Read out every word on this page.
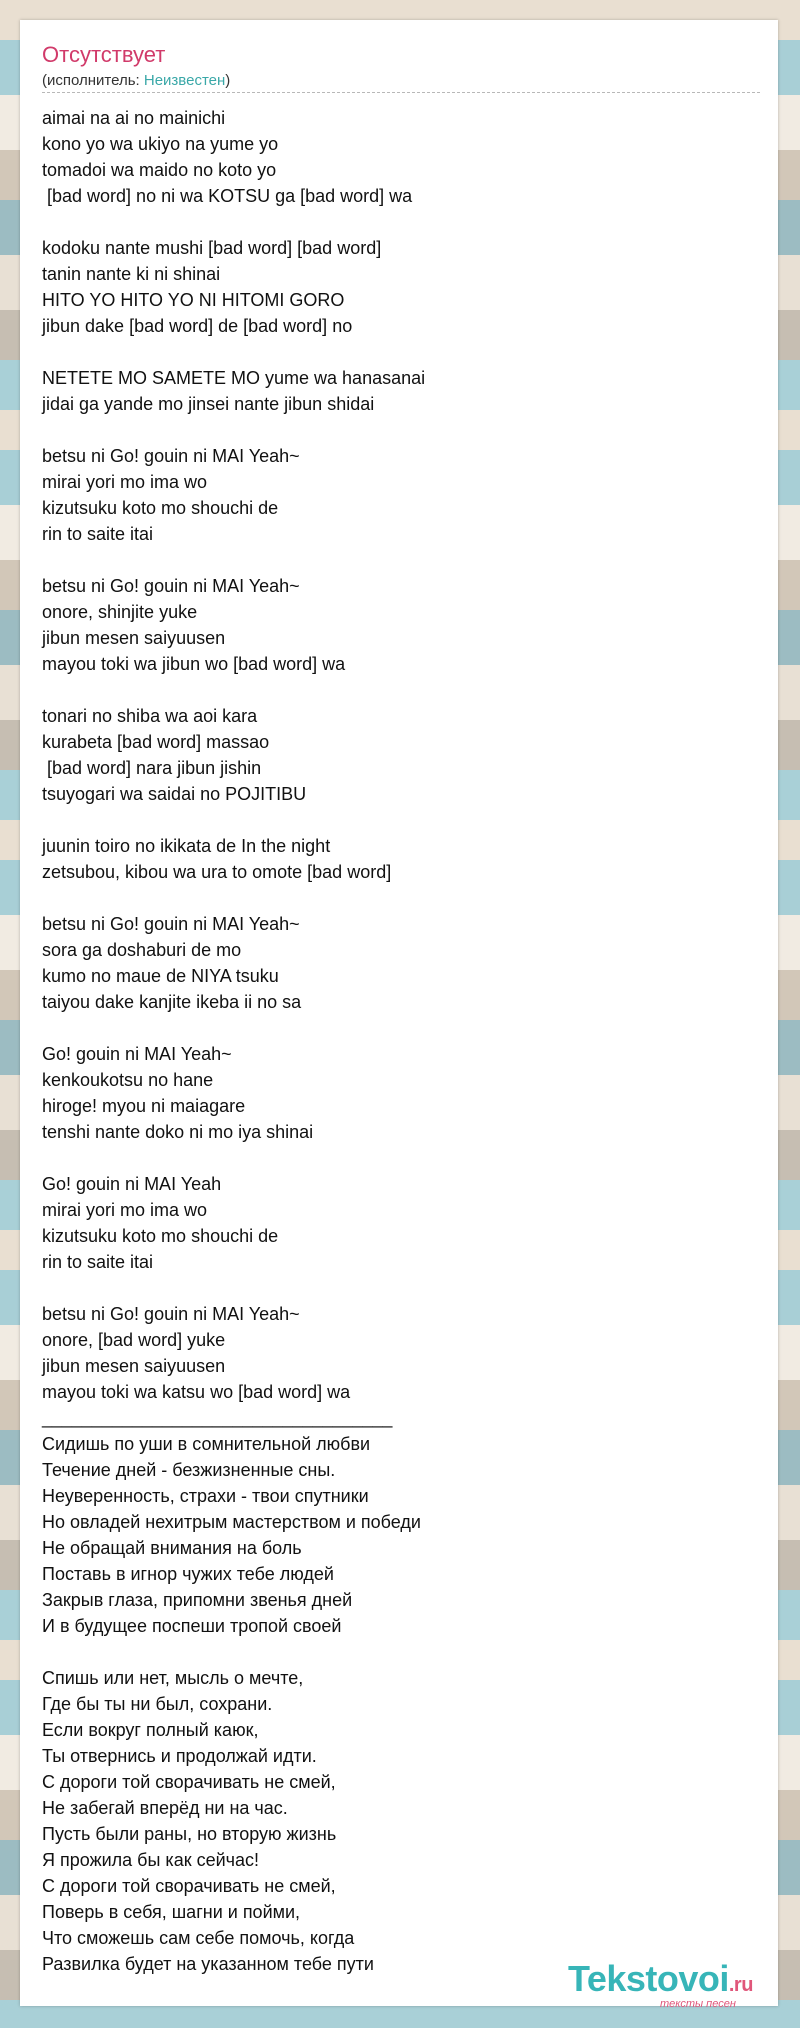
Отсутствует
(исполнитель: Неизвестен)
aimai na ai no mainichi
kono yo wa ukiyo na yume yo
tomadoi wa maido no koto yo
[bad word] no ni wa KOTSU ga [bad word] wa
kodoku nante mushi [bad word] [bad word]
tanin nante ki ni shinai
HITO YO HITO YO NI HITOMI GORO
jibun dake [bad word] de [bad word] no
NETETE MO SAMETE MO yume wa hanasanai
jidai ga yande mo jinsei nante jibun shidai
betsu ni Go! gouin ni MAI Yeah~
mirai yori mo ima wo
kizutsuku koto mo shouchi de
rin to saite itai
betsu ni Go! gouin ni MAI Yeah~
onore, shinjite yuke
jibun mesen saiyuusen
mayou toki wa jibun wo [bad word] wa
tonari no shiba wa aoi kara
kurabeta [bad word] massao
[bad word] nara jibun jishin
tsuyogari wa saidai no POJITIBU
juunin toiro no ikikata de In the night
zetsubou, kibou wa ura to omote [bad word]
betsu ni Go! gouin ni MAI Yeah~
sora ga doshaburi de mo
kumo no maue de NIYA tsuku
taiyou dake kanjite ikeba ii no sa
Go! gouin ni MAI Yeah~
kenkoukotsu no hane
hiroge! myou ni maiagare
tenshi nante doko ni mo iya shinai
Go! gouin ni MAI Yeah
mirai yori mo ima wo
kizutsuku koto mo shouchi de
rin to saite itai
betsu ni Go! gouin ni MAI Yeah~
onore, [bad word] yuke
jibun mesen saiyuusen
mayou toki wa katsu wo [bad word] wa
___________________________________
Сидишь по уши в сомнительной любви
Течение дней - безжизненные сны.
Неуверенность, страхи - твои спутники
Но овладей нехитрым мастерством и победи
Не обращай внимания на боль
Поставь в игнор чужих тебе людей
Закрыв глаза, припомни звенья дней
И в будущее поспеши тропой своей
Спишь или нет, мысль о мечте,
Где бы ты ни был, сохрани.
Если вокруг полный каюк,
Ты отвернись и продолжай идти.
С дороги той сворачивать не смей,
Не забегай вперёд ни на час.
Пусть были раны, но вторую жизнь
Я прожила бы как сейчас!
С дороги той сворачивать не смей,
Поверь в себя, шагни и пойми,
Что сможешь сам себе помочь, когда
Развилка будет на указанном тебе пути	Tekstovoi.ru
тексты песен
